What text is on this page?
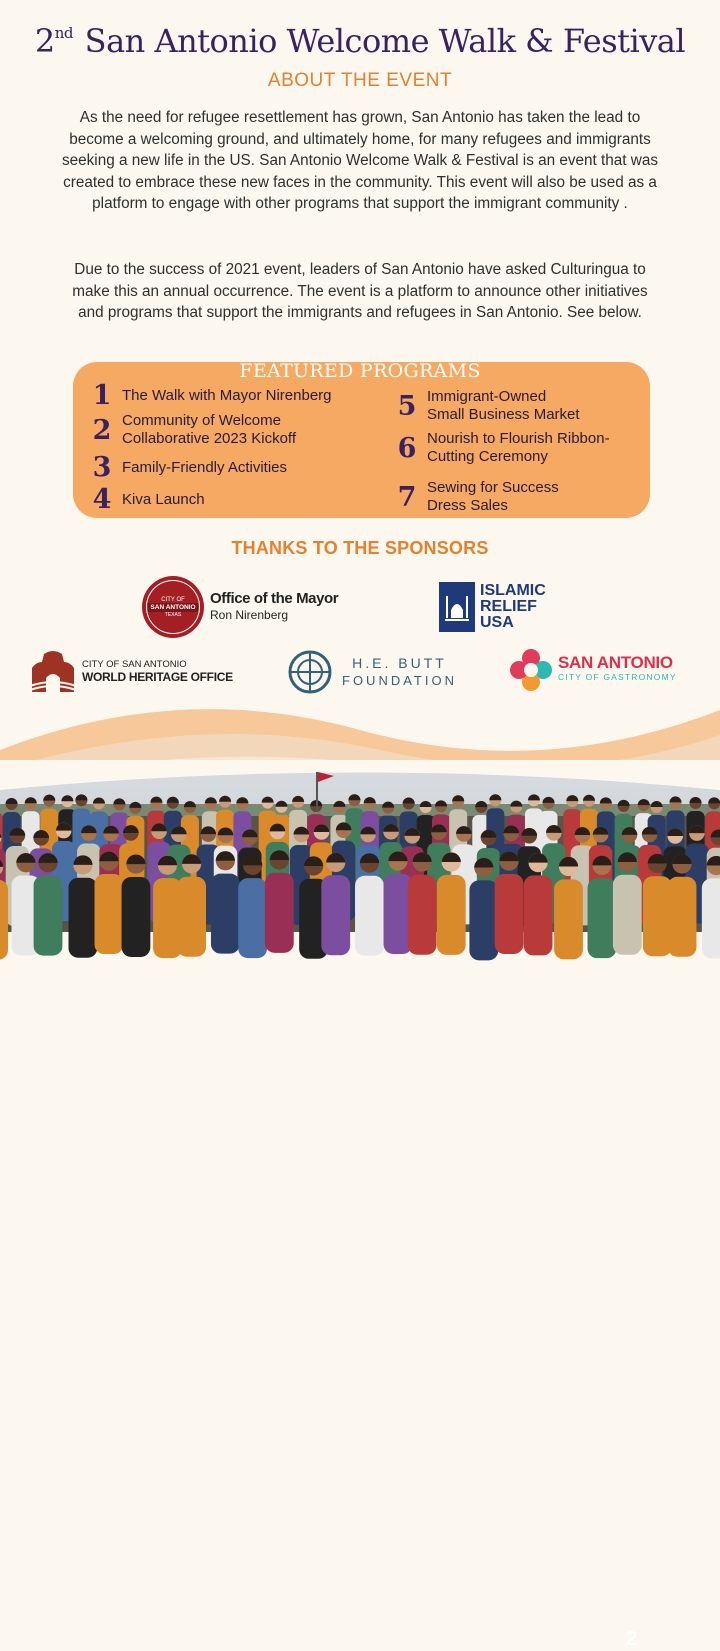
2nd San Antonio Welcome Walk & Festival
ABOUT THE EVENT
As the need for refugee resettlement has grown, San Antonio has taken the lead to become a welcoming ground, and ultimately home, for many refugees and immigrants seeking a new life in the US. San Antonio Welcome Walk & Festival is an event that was created to embrace these new faces in the community. This event will also be used as a platform to engage with other programs that support the immigrant community .
Due to the success of 2021 event, leaders of San Antonio have asked Culturingua to make this an annual occurrence. The event is a platform to announce other initiatives and programs that support the immigrants and refugees in San Antonio. See below.
FEATURED PROGRAMS
1 The Walk with Mayor Nirenberg
2 Community of Welcome
Collaborative 2023 Kickoff
3 Family-Friendly Activities
4 Kiva Launch
5 Immigrant-Owned
Small Business Market
6 Nourish to Flourish Ribbon-
Cutting Ceremony
7 Sewing for Success
Dress Sales
THANKS TO THE SPONSORS
CITY OF
SAN ANTONIO
TEXAS
Office of the Mayor
Ron Nirenberg
ISLAMIC
RELIEF
USA
CITY OF SAN ANTONIO
WORLD HERITAGE OFFICE
H.E. BUTT
FOUNDATION
SAN ANTONIO
CITY OF GASTRONOMY
2
